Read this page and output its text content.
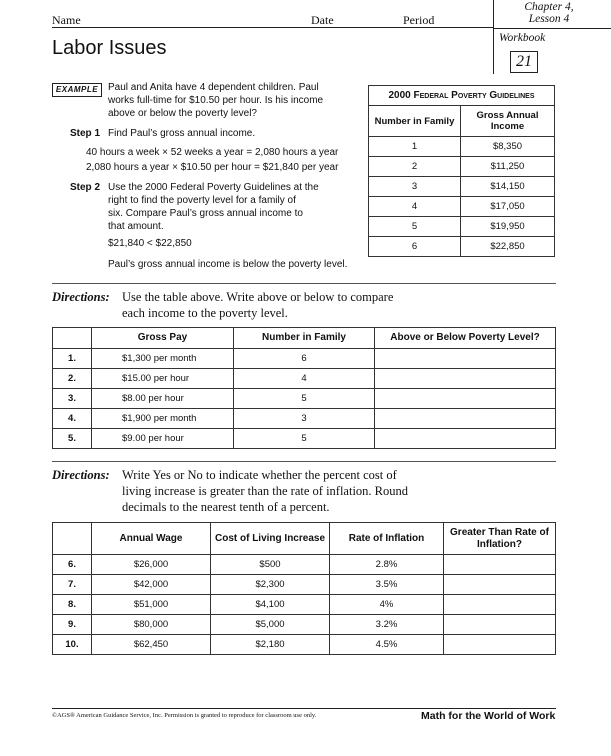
Name	Date	Period
Chapter 4,
Lesson 4
Workbook
21
Labor Issues
EXAMPLE Paul and Anita have 4 dependent children. Paul
works full-time for $10.50 per hour. Is his income
above or below the poverty level?
Step 1 Find Paul’s gross annual income.
40 hours a week × 52 weeks a year = 2,080 hours a year
2,080 hours a year × $10.50 per hour = $21,840 per year
Step 2 Use the 2000 Federal Poverty Guidelines at the
right to find the poverty level for a family of
six. Compare Paul’s gross annual income to
that amount.
$21,840 < $22,850
Paul’s gross annual income is below the poverty level.
2000 Federal Poverty Guidelines	
Number in Family	Gross Annual Income
1	$8,350
2	$11,250
3	$14,150
4	$17,050
5	$19,950
6	$22,850
Directions: Use the table above. Write above or below to compare
each income to the poverty level.
	Gross Pay	Number in Family	Above or Below Poverty Level?
1.	$1,300 per month	6	
2.	$15.00 per hour	4	
3.	$8.00 per hour	5	
4.	$1,900 per month	3	
5.	$9.00 per hour	5	
Directions: Write Yes or No to indicate whether the percent cost of
living increase is greater than the rate of inflation. Round
decimals to the nearest tenth of a percent.
	Annual Wage	Cost of Living Increase	Rate of Inflation	Greater Than Rate of Inflation?
6.	$26,000	$500	2.8%	
7.	$42,000	$2,300	3.5%	
8.	$51,000	$4,100	4%	
9.	$80,000	$5,000	3.2%	
10.	$62,450	$2,180	4.5%	
©AGS® American Guidance Service, Inc. Permission is granted to reproduce for classroom use only.	Math for the World of Work
